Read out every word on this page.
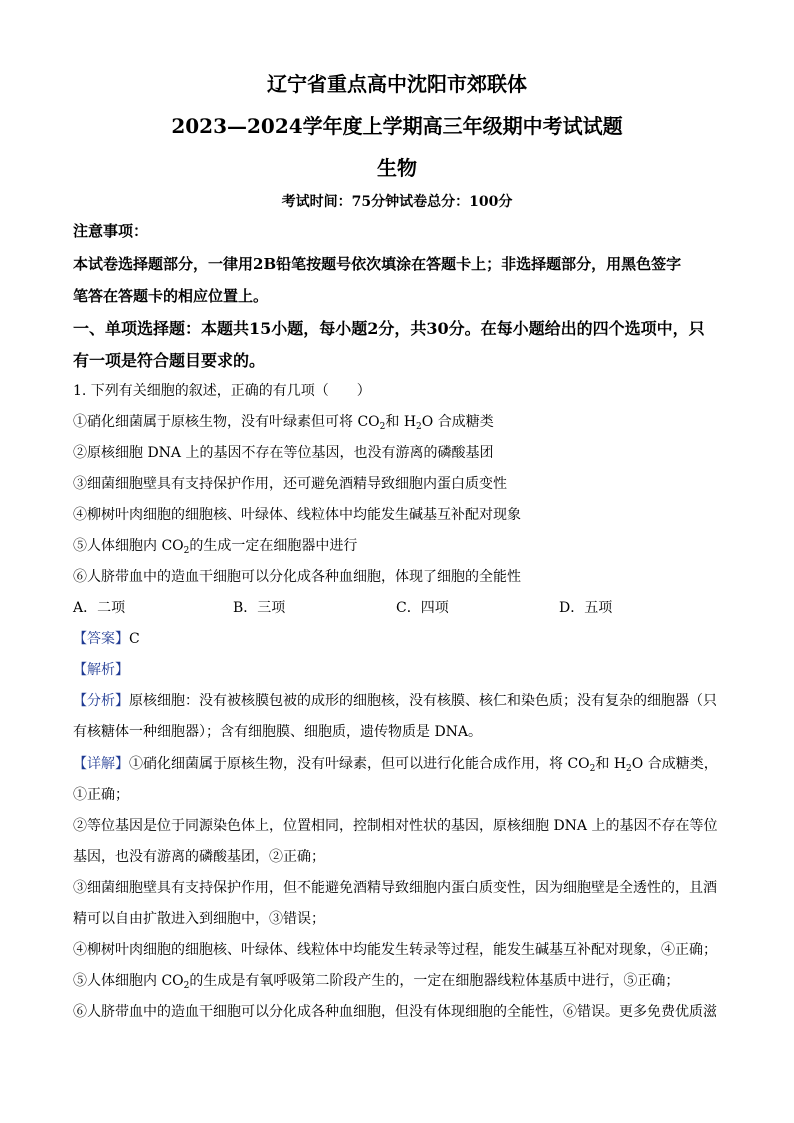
辽宁省重点高中沈阳市郊联体
2023—2024学年度上学期高三年级期中考试试题
生物
考试时间：75分钟试卷总分：100分
注意事项：
本试卷选择题部分，一律用2B铅笔按题号依次填涂在答题卡上；非选择题部分，用黑色签字
笔答在答题卡的相应位置上。
一、单项选择题：本题共15小题，每小题2分，共30分。在每小题给出的四个选项中，只
有一项是符合题目要求的。
1. 下列有关细胞的叙述，正确的有几项（　　）
①硝化细菌属于原核生物，没有叶绿素但可将 $CO_2$和 $H_2O$ 合成糖类
②原核细胞 DNA 上的基因不存在等位基因，也没有游离的磷酸基团
③细菌细胞壁具有支持保护作用，还可避免酒精导致细胞内蛋白质变性
④柳树叶肉细胞的细胞核、叶绿体、线粒体中均能发生碱基互补配对现象
⑤人体细胞内 $CO_2$的生成一定在细胞器中进行
⑥人脐带血中的造血干细胞可以分化成各种血细胞，体现了细胞的全能性
A．二项	B．三项	C．四项	D．五项
【答案】C
【解析】
【分析】原核细胞：没有被核膜包被的成形的细胞核，没有核膜、核仁和染色质；没有复杂的细胞器（只
有核糖体一种细胞器）；含有细胞膜、细胞质，遗传物质是 DNA。
【详解】①硝化细菌属于原核生物，没有叶绿素，但可以进行化能合成作用，将 $CO_2$和 $H_2O$ 合成糖类，
①正确；
②等位基因是位于同源染色体上，位置相同，控制相对性状的基因，原核细胞 DNA 上的基因不存在等位
基因，也没有游离的磷酸基团，②正确；
③细菌细胞壁具有支持保护作用，但不能避免酒精导致细胞内蛋白质变性，因为细胞壁是全透性的，且酒
精可以自由扩散进入到细胞中，③错误；
④柳树叶肉细胞的细胞核、叶绿体、线粒体中均能发生转录等过程，能发生碱基互补配对现象，④正确；
⑤人体细胞内 $CO_2$的生成是有氧呼吸第二阶段产生的，一定在细胞器线粒体基质中进行，⑤正确；
⑥人脐带血中的造血干细胞可以分化成各种血细胞，但没有体现细胞的全能性，⑥错误。更多免费优质滋
